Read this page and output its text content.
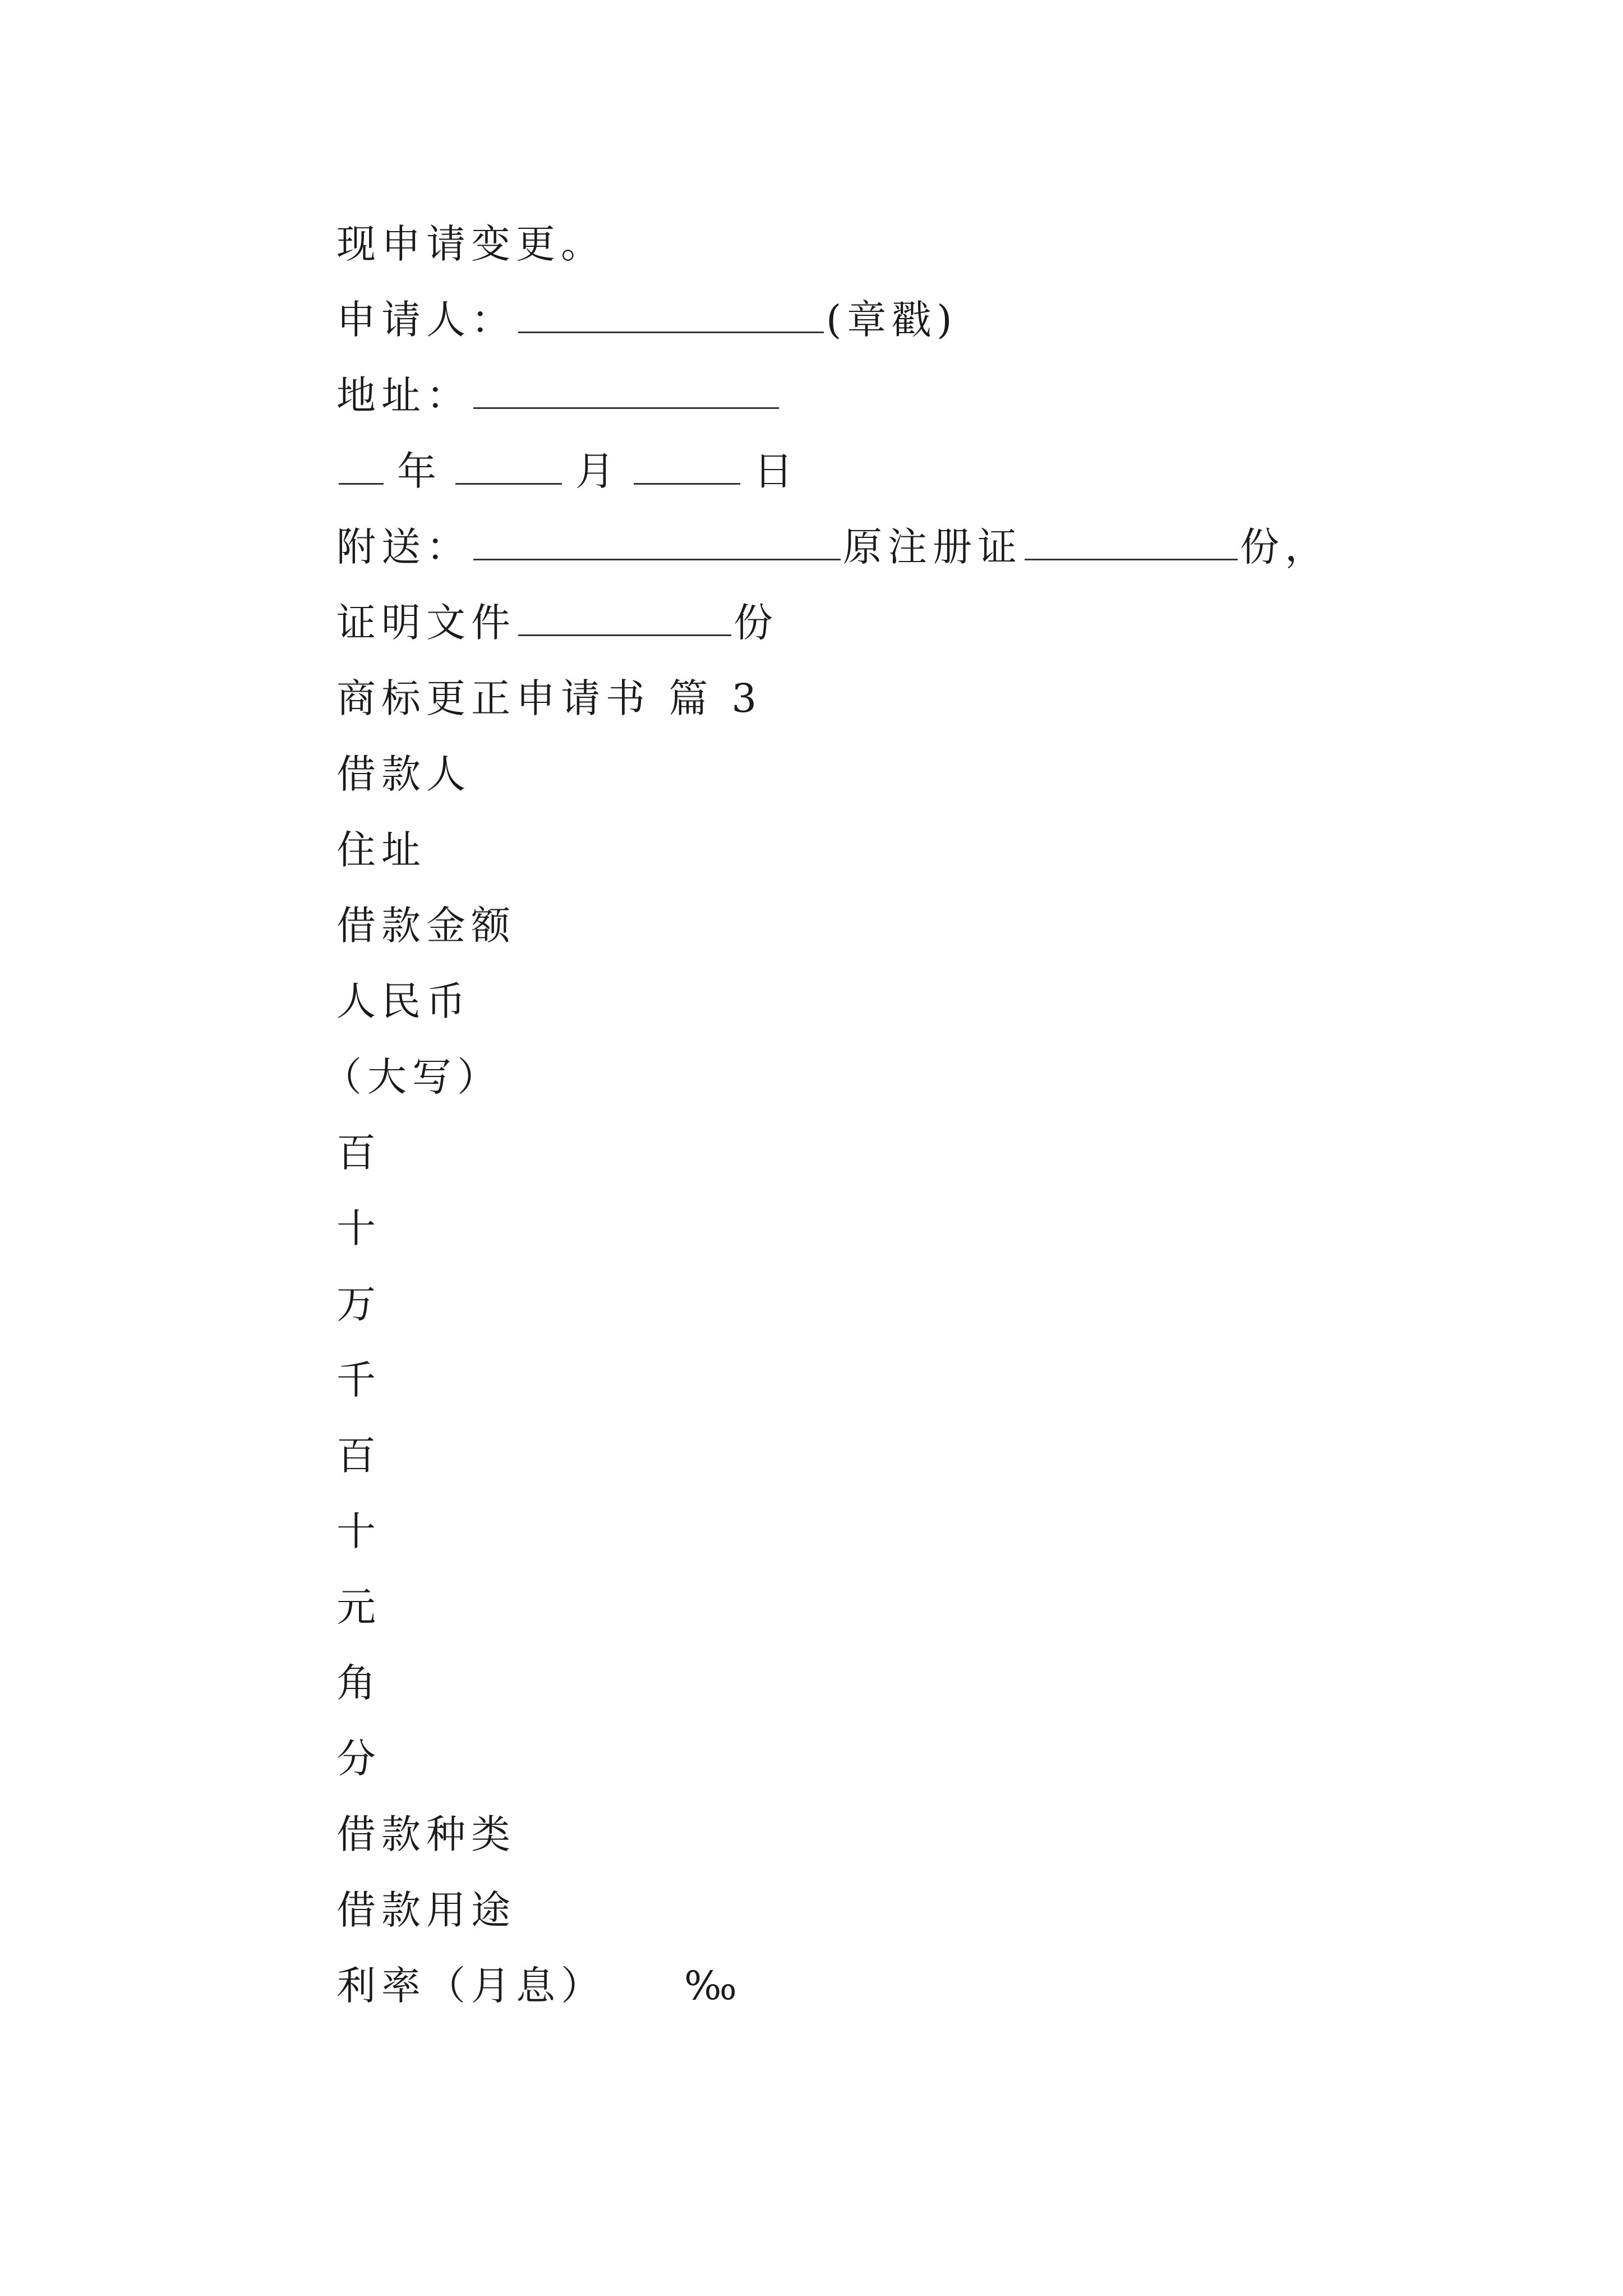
现申请变更。
申请人：	(章戳)
地址：
年	月	日
附送：	原注册证	份，
证明文件	份
商标更正申请书 篇 3
借款人
住址
借款金额
人民币
（大写）
百
十
万
千
百
十
元
角
分
借款种类
借款用途
利率（月息） ‰
